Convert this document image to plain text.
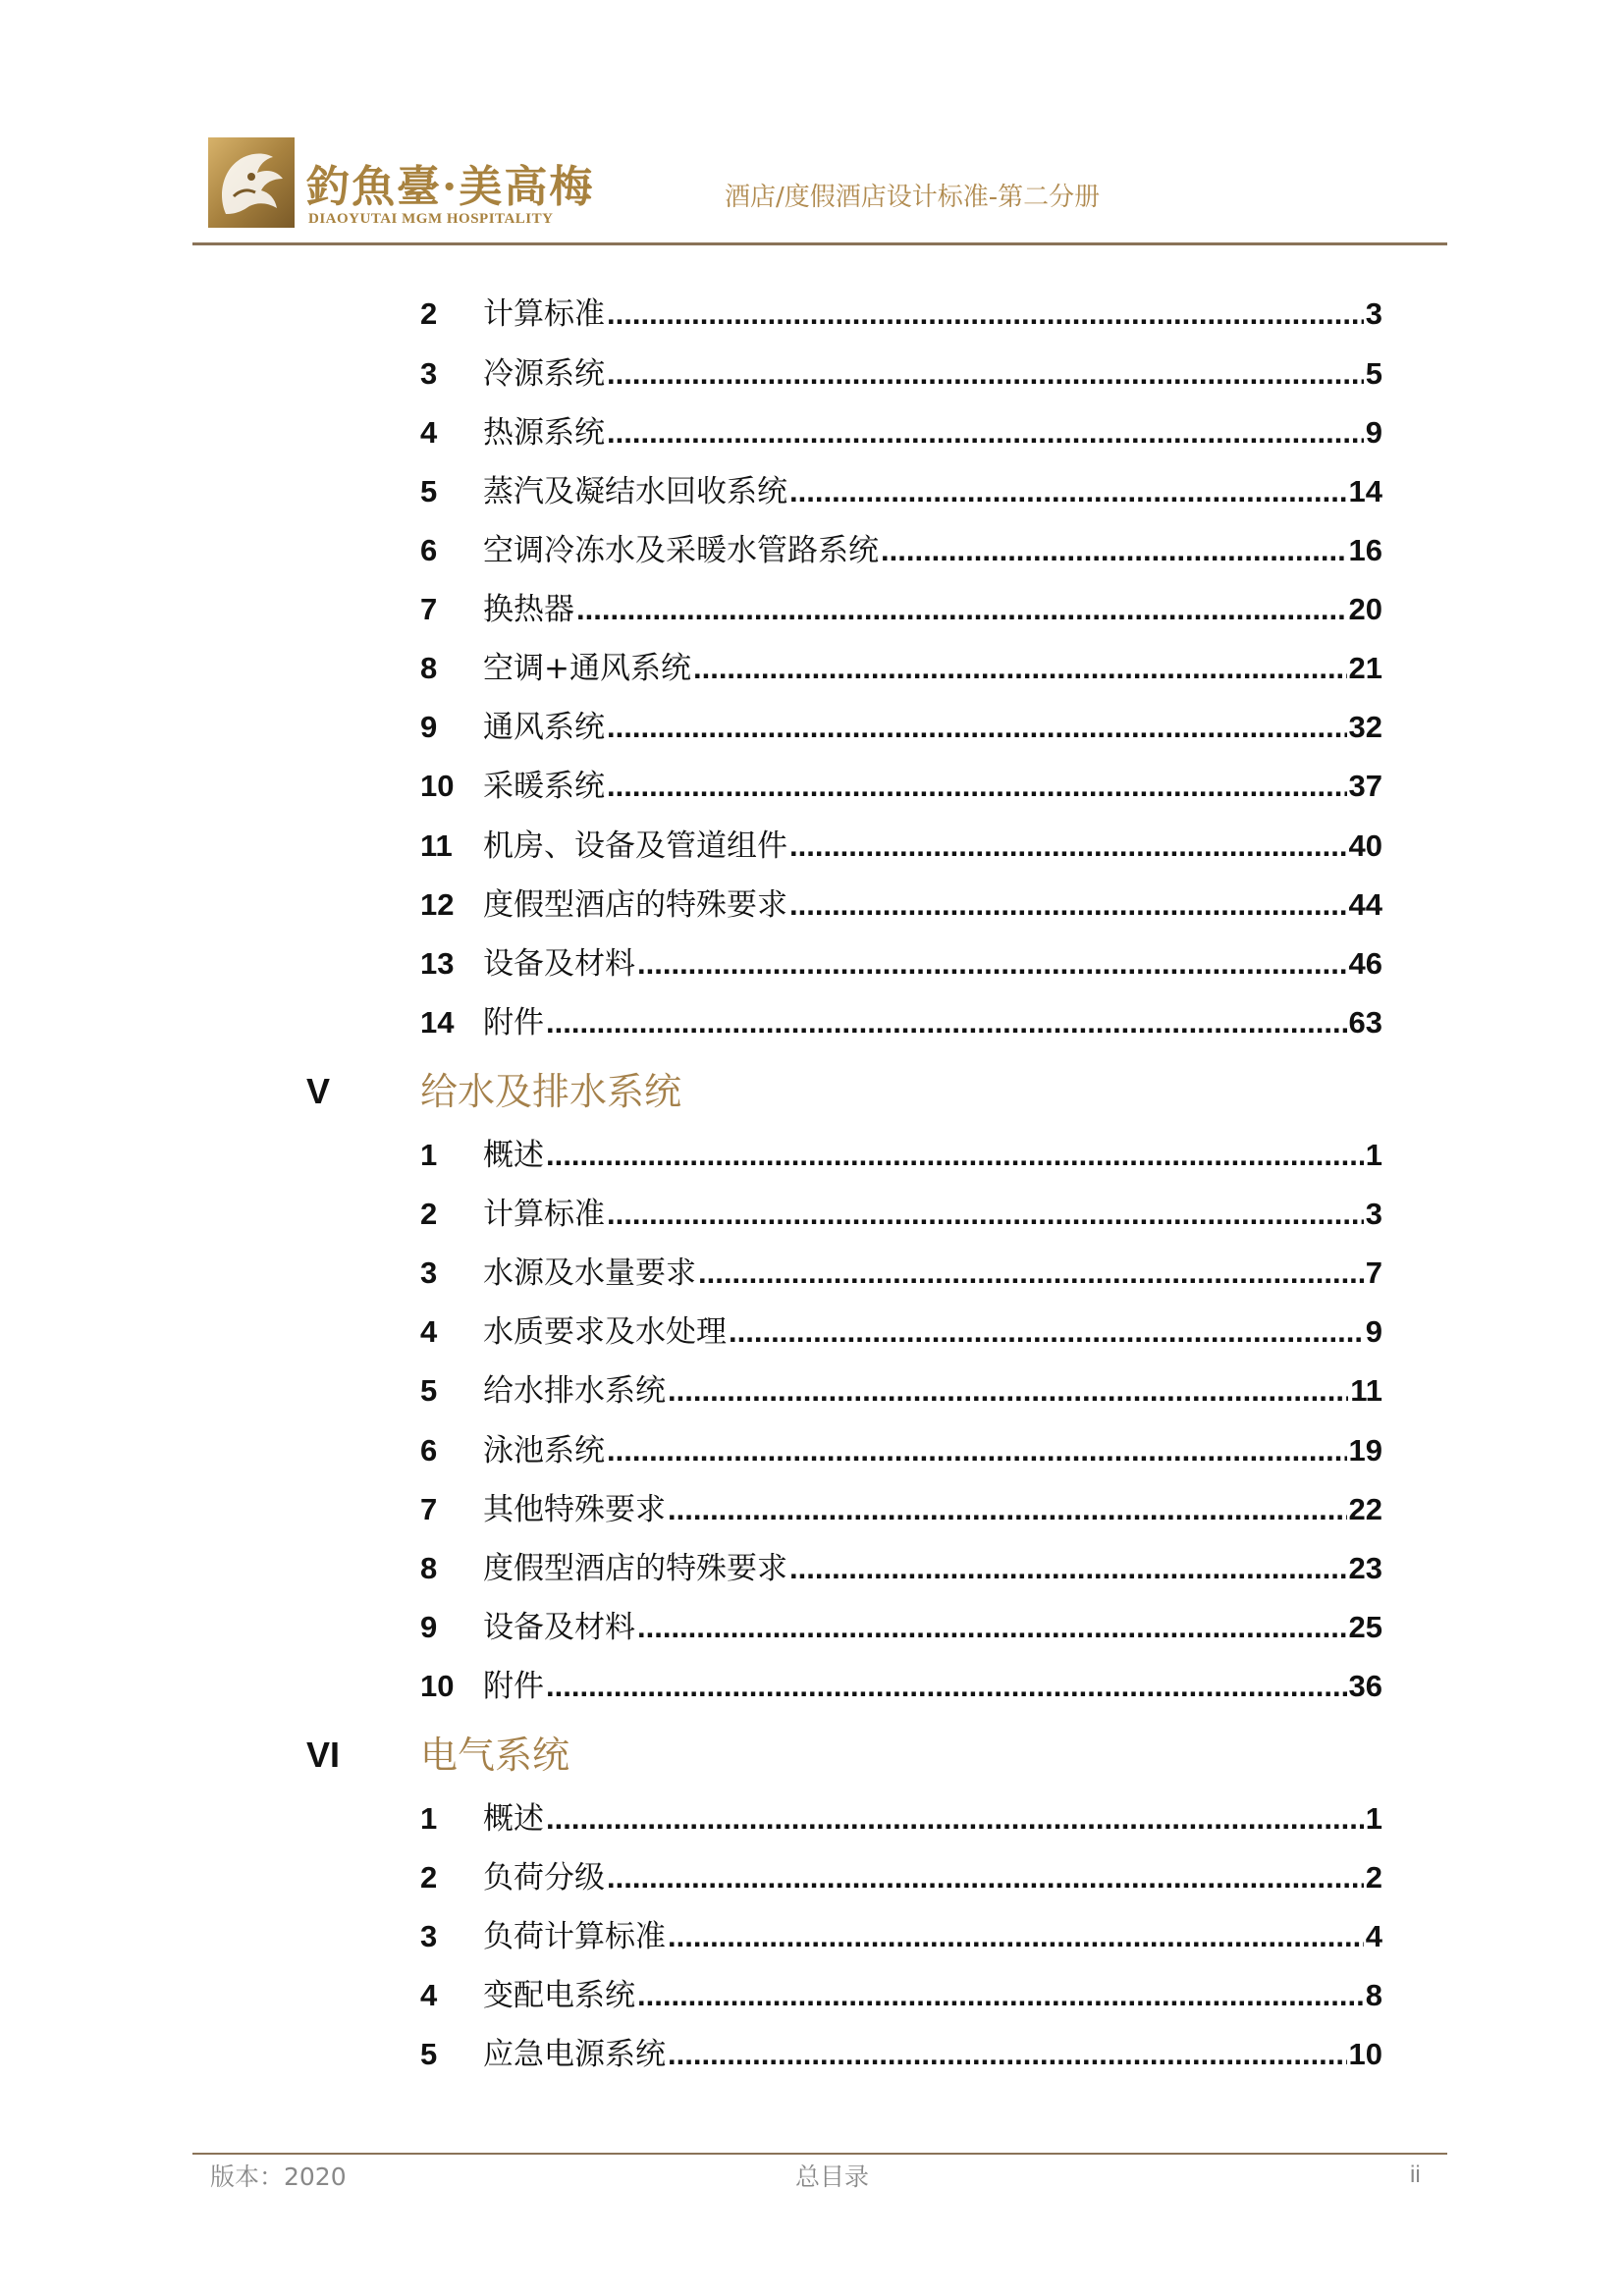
釣魚臺·美高梅
DIAOYUTAI MGM HOSPITALITY
酒店/度假酒店设计标准-第二分册
2	计算标准 .....	3
3	冷源系统 .....	5
4	热源系统 .....	9
5	蒸汽及凝结水回收系统 .....	14
6	空调冷冻水及采暖水管路系统 .....	16
7	换热器 .....	20
8	空调+通风系统 .....	21
9	通风系统 .....	32
10 采暖系统 .....	37
11	机房、设备及管道组件 .....	40
12 度假型酒店的特殊要求 .....	44
13 设备及材料 .....	46
14 附件 .....	63
V	给水及排水系统
1	概述 .....	1
2	计算标准 .....	3
3	水源及水量要求 .....	7
4	水质要求及水处理 .....	9
5	给水排水系统 .....	11
6	泳池系统 .....	19
7	其他特殊要求 .....	22
8	度假型酒店的特殊要求 .....	23
9	设备及材料 .....	25
10 附件 .....	36
VI	电气系统
1	概述 .....	1
2	负荷分级 .....	2
3	负荷计算标准 .....	4
4	变配电系统 .....	8
5	应急电源系统 .....	10
版本：2020	总目录	ii
